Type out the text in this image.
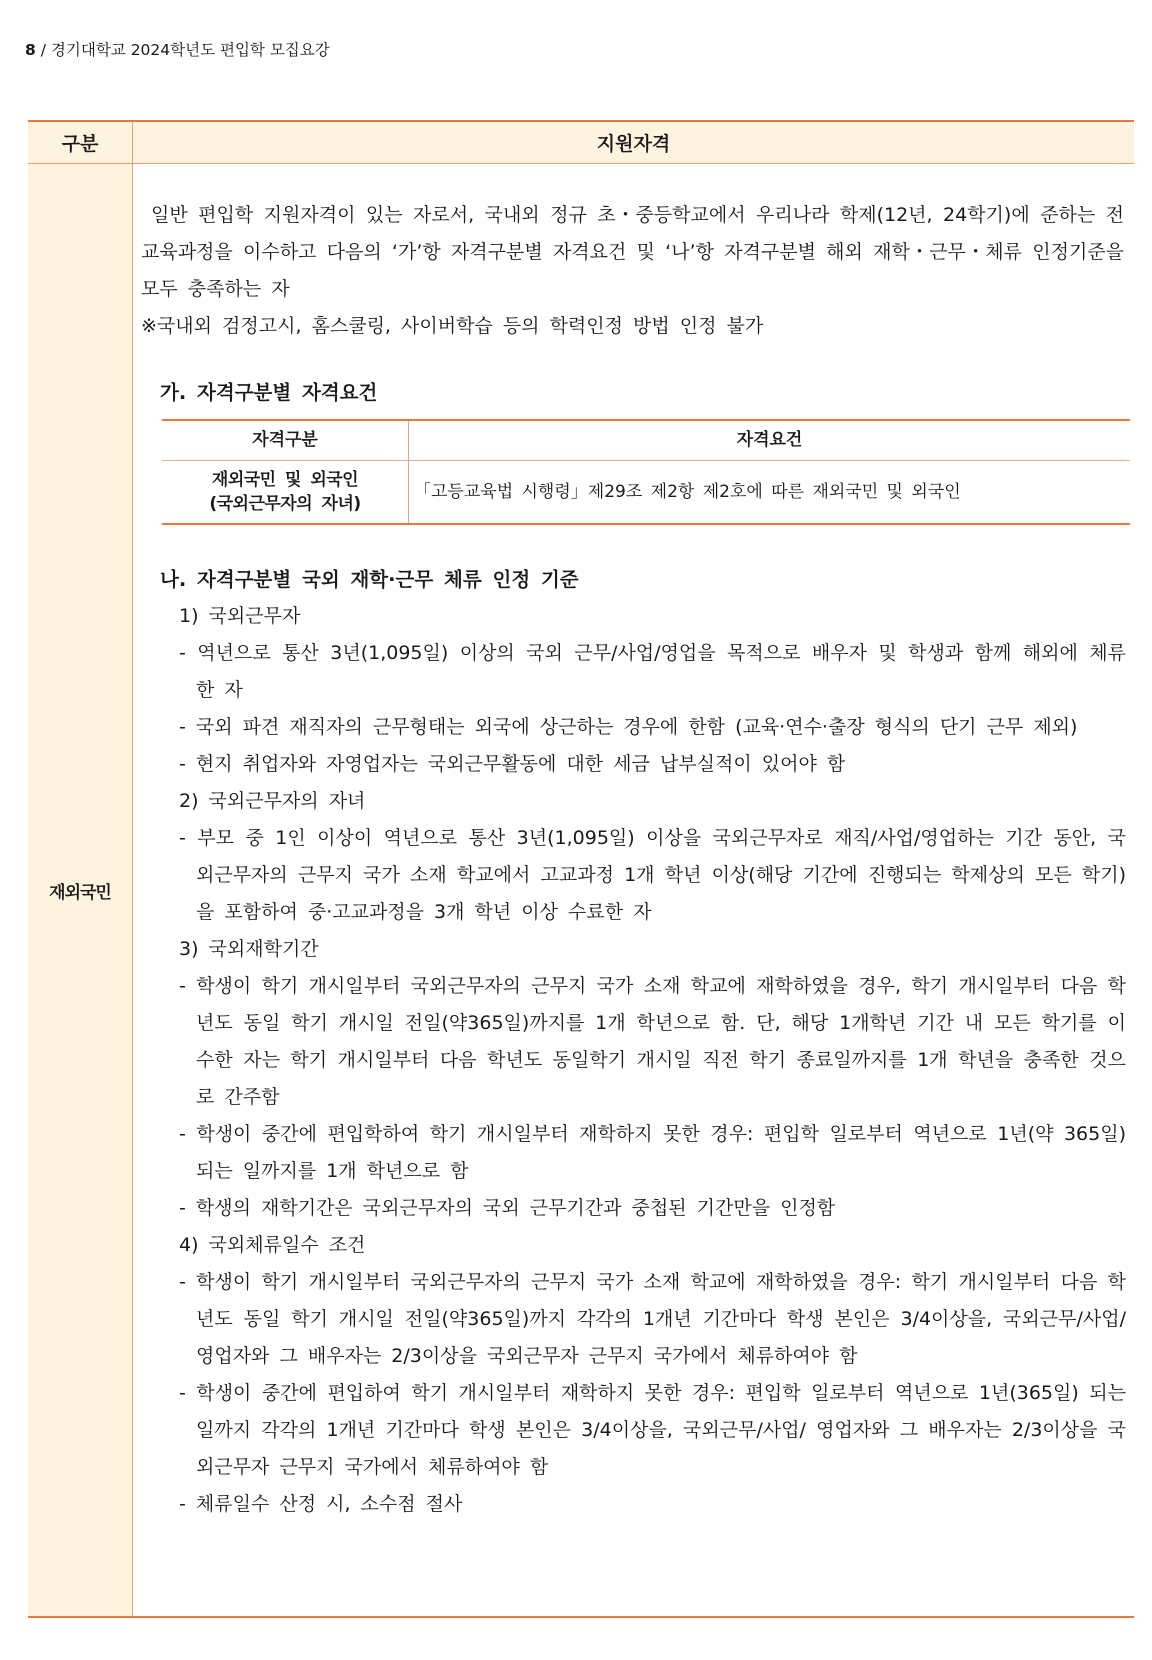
8 / 경기대학교 2024학년도 편입학 모집요강
구분	지원자격
재외국민	
일반 편입학 지원자격이 있는 자로서, 국내외 정규 초・중등학교에서 우리나라 학제(12년, 24학기)에 준하는 전 교육과정을 이수하고 다음의 ‘가’항 자격구분별 자격요건 및 ‘나’항 자격구분별 해외 재학・근무・체류 인정기준을 모두 충족하는 자
※국내외 검정고시, 홈스쿨링, 사이버학습 등의 학력인정 방법 인정 불가
가. 자격구분별 자격요건
자격구분	자격요건

재외국민 및 외국인
(국외근무자의 자녀)
	「고등교육법 시행령」제29조 제2항 제2호에 따른 재외국민 및 외국인
나. 자격구분별 국외 재학·근무 체류 인정 기준
1) 국외근무자
- 역년으로 통산 3년(1,095일) 이상의 국외 근무/사업/영업을 목적으로 배우자 및 학생과 함께 해외에 체류한 자
- 국외 파견 재직자의 근무형태는 외국에 상근하는 경우에 한함 (교육·연수·출장 형식의 단기 근무 제외)
- 현지 취업자와 자영업자는 국외근무활동에 대한 세금 납부실적이 있어야 함
2) 국외근무자의 자녀
- 부모 중 1인 이상이 역년으로 통산 3년(1,095일) 이상을 국외근무자로 재직/사업/영업하는 기간 동안, 국외근무자의 근무지 국가 소재 학교에서 고교과정 1개 학년 이상(해당 기간에 진행되는 학제상의 모든 학기)을 포함하여 중·고교과정을 3개 학년 이상 수료한 자
3) 국외재학기간
- 학생이 학기 개시일부터 국외근무자의 근무지 국가 소재 학교에 재학하였을 경우, 학기 개시일부터 다음 학년도 동일 학기 개시일 전일(약365일)까지를 1개 학년으로 함. 단, 해당 1개학년 기간 내 모든 학기를 이수한 자는 학기 개시일부터 다음 학년도 동일학기 개시일 직전 학기 종료일까지를 1개 학년을 충족한 것으로 간주함
- 학생이 중간에 편입학하여 학기 개시일부터 재학하지 못한 경우: 편입학 일로부터 역년으로 1년(약 365일) 되는 일까지를 1개 학년으로 함
- 학생의 재학기간은 국외근무자의 국외 근무기간과 중첩된 기간만을 인정함
4) 국외체류일수 조건
- 학생이 학기 개시일부터 국외근무자의 근무지 국가 소재 학교에 재학하였을 경우: 학기 개시일부터 다음 학년도 동일 학기 개시일 전일(약365일)까지 각각의 1개년 기간마다 학생 본인은 3/4이상을, 국외근무/사업/영업자와 그 배우자는 2/3이상을 국외근무자 근무지 국가에서 체류하여야 함
- 학생이 중간에 편입하여 학기 개시일부터 재학하지 못한 경우: 편입학 일로부터 역년으로 1년(365일) 되는 일까지 각각의 1개년 기간마다 학생 본인은 3/4이상을, 국외근무/사업/ 영업자와 그 배우자는 2/3이상을 국외근무자 근무지 국가에서 체류하여야 함
- 체류일수 산정 시, 소수점 절사
